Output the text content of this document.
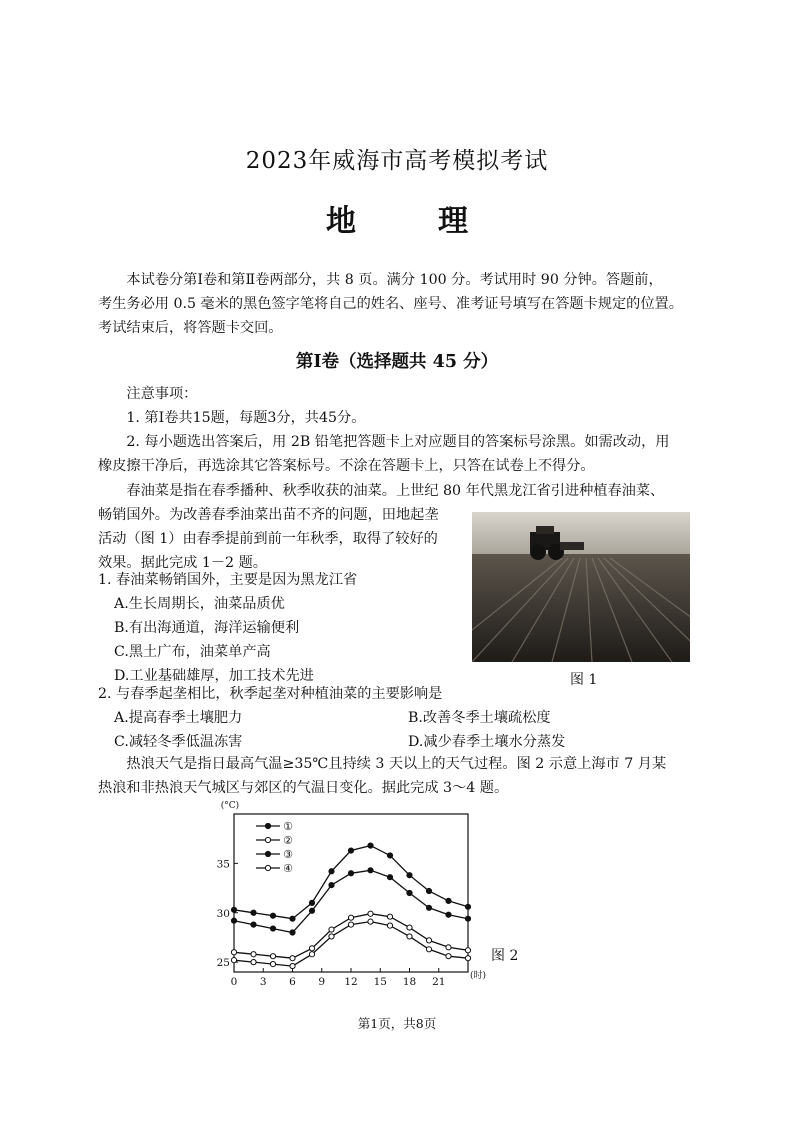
2023年威海市高考模拟考试
地　理

本试卷分第Ⅰ卷和第Ⅱ卷两部分，共 8 页。满分 100 分。考试用时 90 分钟。答题前，

考生务必用 0.5 毫米的黑色签字笔将自己的姓名、座号、准考证号填写在答题卡规定的位置。

考试结束后，将答题卡交回。

第Ⅰ卷（选择题共 45 分）

注意事项：

1. 第Ⅰ卷共15题，每题3分，共45分。

2. 每小题选出答案后，用 2B 铅笔把答题卡上对应题目的答案标号涂黑。如需改动，用

橡皮擦干净后，再选涂其它答案标号。不涂在答题卡上，只答在试卷上不得分。

春油菜是指在春季播种、秋季收获的油菜。上世纪 80 年代黑龙江省引进种植春油菜、

畅销国外。为改善春季油菜出苗不齐的问题，田地起垄

活动（图 1）由春季提前到前一年秋季，取得了较好的

效果。据此完成 1－2 题。

1. 春油菜畅销国外，主要是因为黑龙江省

A.生长周期长，油菜品质优

B.有出海通道，海洋运输便利

C.黑土广布，油菜单产高

D.工业基础雄厚，加工技术先进	图 1

2. 与春季起垄相比，秋季起垄对种植油菜的主要影响是

A.提高春季土壤肥力	B.改善冬季土壤疏松度
C.减轻冬季低温冻害	D.减少春季土壤水分蒸发

热浪天气是指日最高气温≥35℃且持续 3 天以上的天气过程。图 2 示意上海市 7 月某

热浪和非热浪天气城区与郊区的气温日变化。据此完成 3～4 题。

25
30
35
0 3 6 9 12 15 18 21
(°C)
(时)
①
②
③
④
图 2
第1页，共8页
